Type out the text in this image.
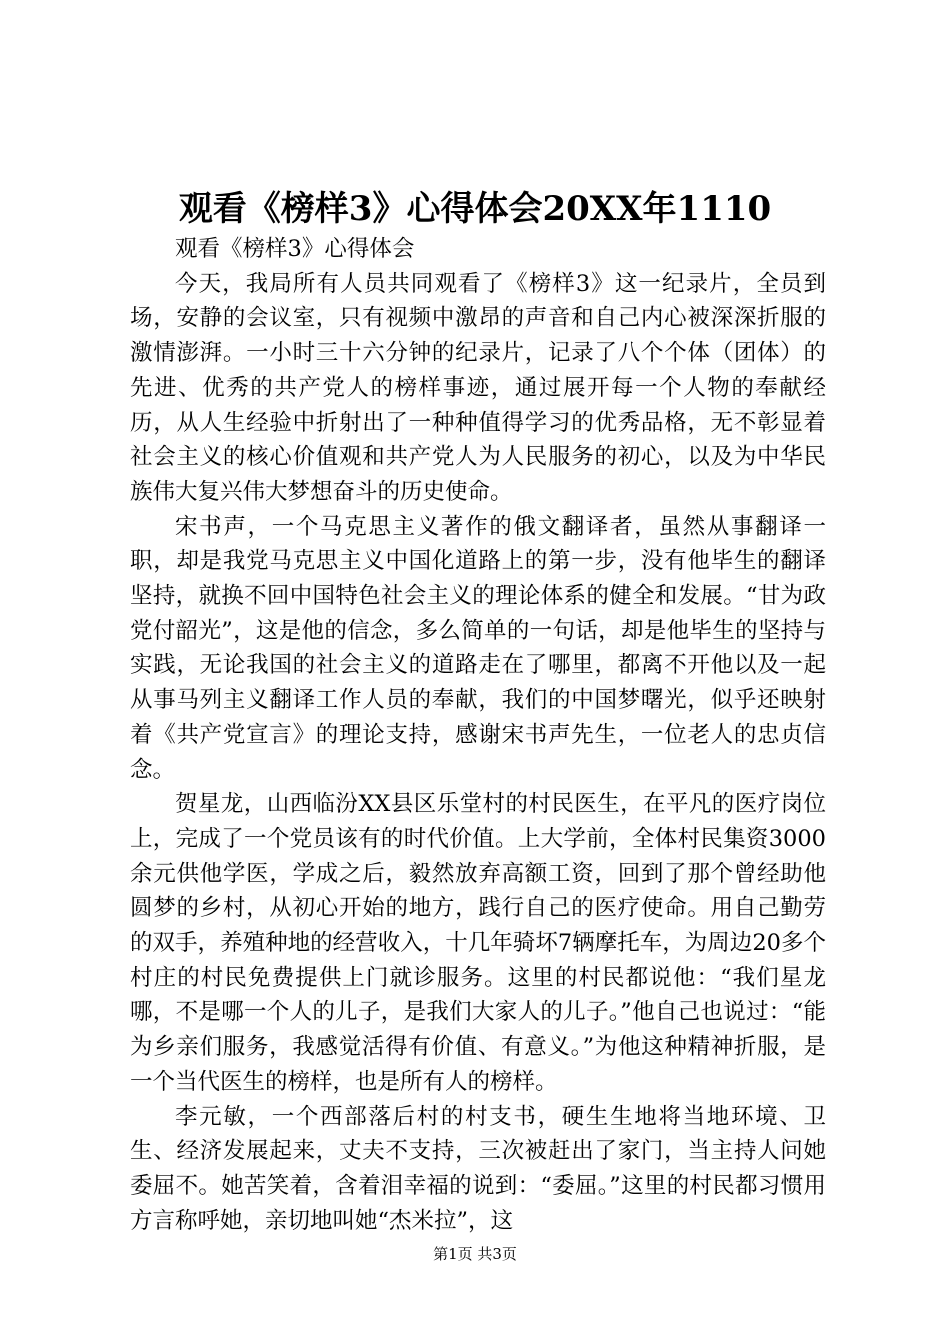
观看《榜样3》心得体会20XX年1110

观看《榜样3》心得体会

今天，我局所有人员共同观看了《榜样3》这一纪录片，全员到场，安静的会议室，只有视频中激昂的声音和自己内心被深深折服的激情澎湃。一小时三十六分钟的纪录片，记录了八个个体（团体）的先进、优秀的共产党人的榜样事迹，通过展开每一个人物的奉献经历，从人生经验中折射出了一种种值得学习的优秀品格，无不彰显着社会主义的核心价值观和共产党人为人民服务的初心，以及为中华民族伟大复兴伟大梦想奋斗的历史使命。

宋书声，一个马克思主义著作的俄文翻译者，虽然从事翻译一职，却是我党马克思主义中国化道路上的第一步，没有他毕生的翻译坚持，就换不回中国特色社会主义的理论体系的健全和发展。“甘为政党付韶光”，这是他的信念，多么简单的一句话，却是他毕生的坚持与实践，无论我国的社会主义的道路走在了哪里，都离不开他以及一起从事马列主义翻译工作人员的奉献，我们的中国梦曙光，似乎还映射着《共产党宣言》的理论支持，感谢宋书声先生，一位老人的忠贞信念。

贺星龙，山西临汾XX县区乐堂村的村民医生，在平凡的医疗岗位上，完成了一个党员该有的时代价值。上大学前，全体村民集资3000余元供他学医，学成之后，毅然放弃高额工资，回到了那个曾经助他圆梦的乡村，从初心开始的地方，践行自己的医疗使命。用自己勤劳的双手，养殖种地的经营收入，十几年骑坏7辆摩托车，为周边20多个村庄的村民免费提供上门就诊服务。这里的村民都说他：“我们星龙哪，不是哪一个人的儿子，是我们大家人的儿子。”他自己也说过：“能为乡亲们服务，我感觉活得有价值、有意义。”为他这种精神折服，是一个当代医生的榜样，也是所有人的榜样。

李元敏，一个西部落后村的村支书，硬生生地将当地环境、卫生、经济发展起来，丈夫不支持，三次被赶出了家门，当主持人问她委屈不。她苦笑着，含着泪幸福的说到：“委屈。”这里的村民都习惯用方言称呼她，亲切地叫她“杰米拉”，这

第1页 共3页
